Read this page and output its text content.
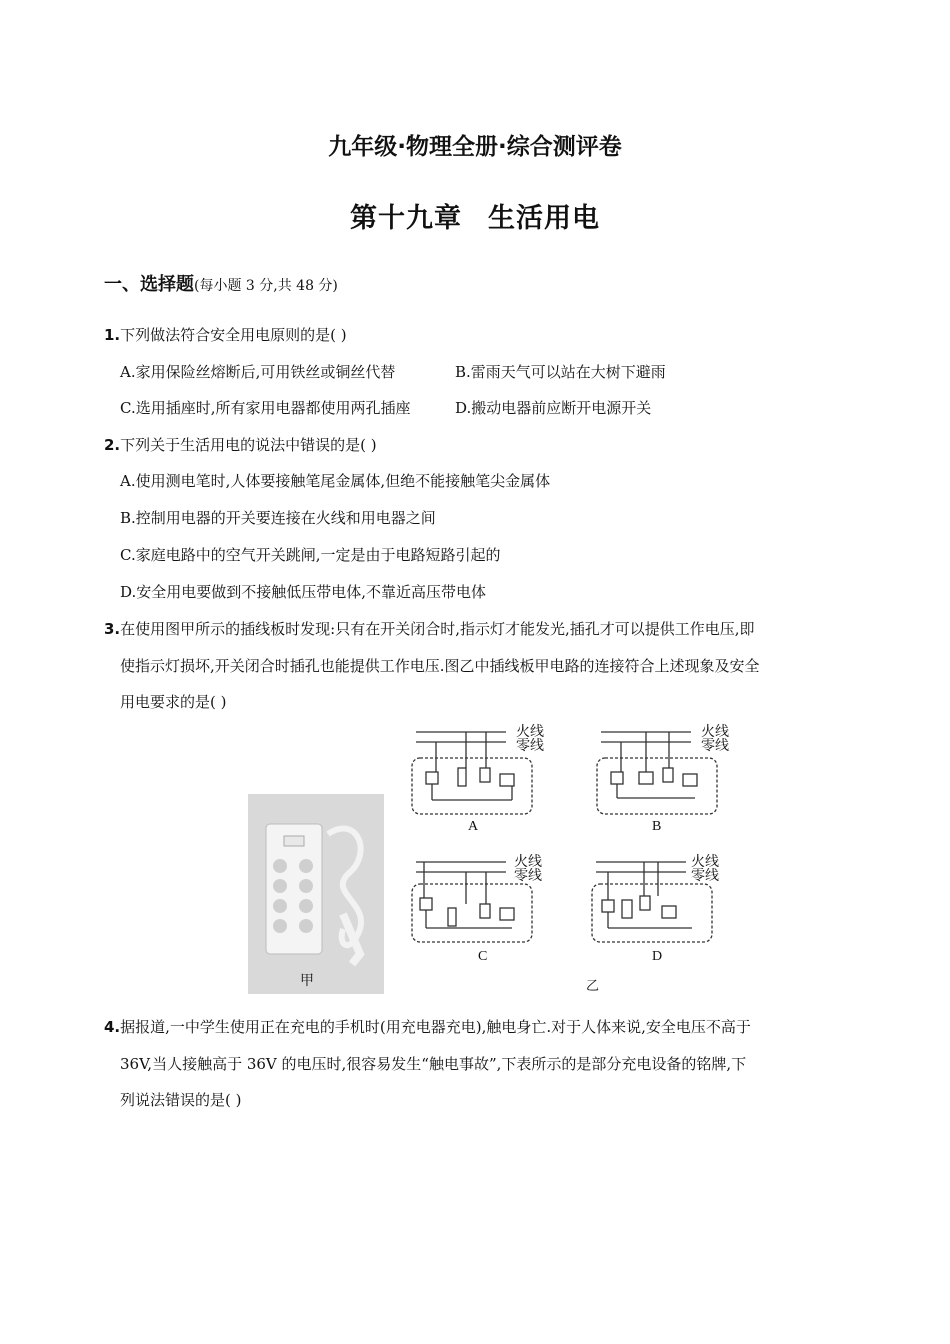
九年级·物理全册·综合测评卷
第十九章 生活用电
一、选择题(每小题 3 分,共 48 分)
1.下列做法符合安全用电原则的是( )
A.家用保险丝熔断后,可用铁丝或铜丝代替	B.雷雨天气可以站在大树下避雨
C.选用插座时,所有家用电器都使用两孔插座	D.搬动电器前应断开电源开关
2.下列关于生活用电的说法中错误的是( )
A.使用测电笔时,人体要接触笔尾金属体,但绝不能接触笔尖金属体
B.控制用电器的开关要连接在火线和用电器之间
C.家庭电路中的空气开关跳闸,一定是由于电路短路引起的
D.安全用电要做到不接触低压带电体,不靠近高压带电体
3.在使用图甲所示的插线板时发现:只有在开关闭合时,指示灯才能发光,插孔才可以提供工作电压,即
使指示灯损坏,开关闭合时插孔也能提供工作电压.图乙中插线板甲电路的连接符合上述现象及安全
用电要求的是( )
甲
火线
零线
火线
零线
火线
零线
火线
零线
A	B
C	D
乙
4.据报道,一中学生使用正在充电的手机时(用充电器充电),触电身亡.对于人体来说,安全电压不高于
36V,当人接触高于 36V 的电压时,很容易发生“触电事故”,下表所示的是部分充电设备的铭牌,下
列说法错误的是( )
